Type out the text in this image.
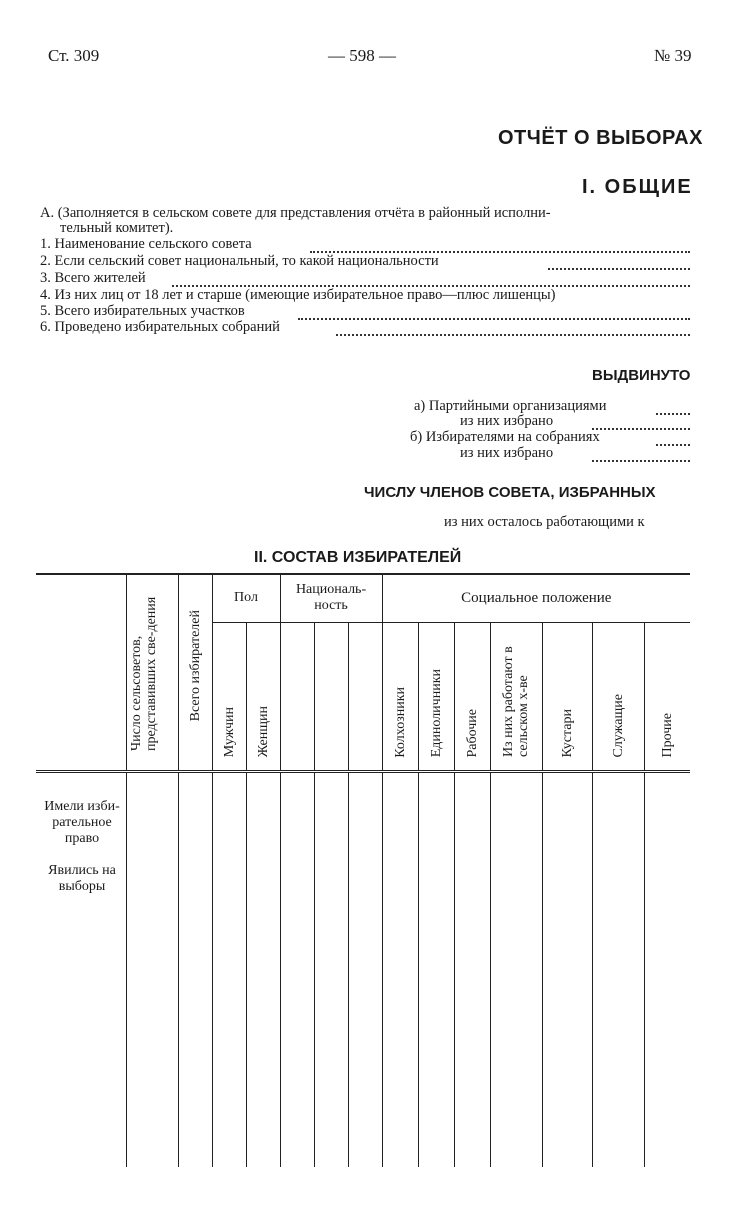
Ст. 309	— 598 —	№ 39
ОТЧЁТ О ВЫБОРАХ
I. ОБЩИЕ
А. (Заполняется в сельском совете для представления отчёта в районный исполни-
тельный комитет).
1. Наименование сельского совета
2. Если сельский совет национальный, то какой национальности
3. Всего жителей
4. Из них лиц от 18 лет и старше (имеющие избирательное право—плюс лишенцы)
5. Всего избирательных участков
6. Проведено избирательных собраний
ВЫДВИНУТО
а) Партийными организациями
из них избрано
б) Избирателями на собраниях
из них избрано
ЧИСЛУ ЧЛЕНОВ СОВЕТА, ИЗБРАННЫХ
из них осталось работающими к
II. СОСТАВ ИЗБИРАТЕЛЕЙ
	Число сельсоветов, представивших све-дения	Всего избирателей	Пол		Националь-ность			Социальное положение						
			Мужчин	Женщин				Колхозники	Единоличники	Рабочие	Из них работают в сельском х-ве	Кустари	Служащие	Прочие

Имели изби-рательное право
Явились на выборы														
